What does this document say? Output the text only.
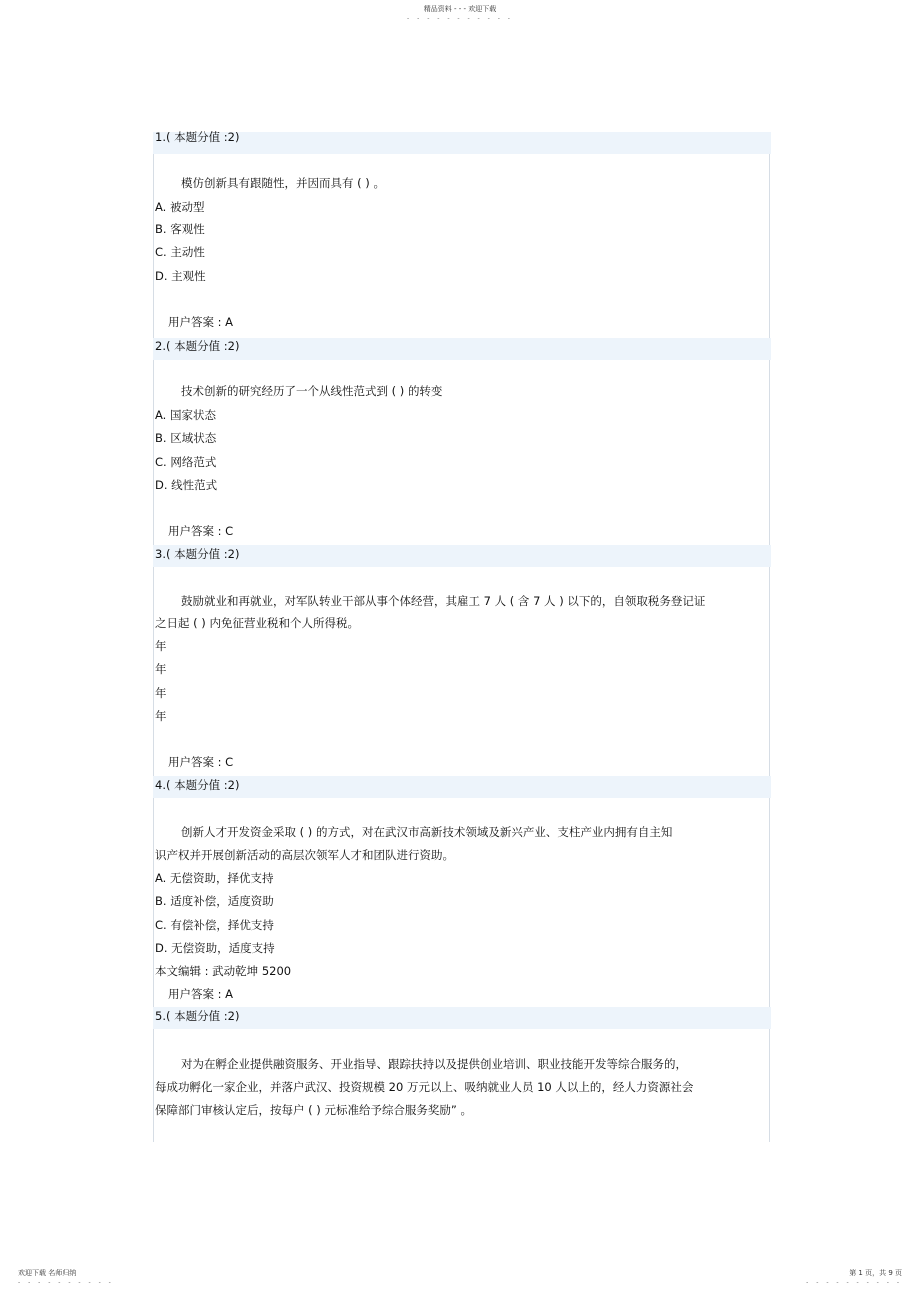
精品资料 - - - 欢迎下载
- - - - - - - - - - -
1.( 本题分值 :2)
模仿创新具有跟随性，并因而具有 ( ) 。
A. 被动型
B. 客观性
C. 主动性
D. 主观性
用户答案 : A
2.( 本题分值 :2)
技术创新的研究经历了一个从线性范式到 ( ) 的转变
A. 国家状态
B. 区域状态
C. 网络范式
D. 线性范式
用户答案 : C
3.( 本题分值 :2)
鼓励就业和再就业，对军队转业干部从事个体经营，其雇工 7 人 ( 含 7 人 ) 以下的，自领取税务登记证
之日起 ( ) 内免征营业税和个人所得税。
年
年
年
年
用户答案 : C
4.( 本题分值 :2)
创新人才开发资金采取 ( ) 的方式，对在武汉市高新技术领域及新兴产业、支柱产业内拥有自主知
识产权并开展创新活动的高层次领军人才和团队进行资助。
A. 无偿资助，择优支持
B. 适度补偿，适度资助
C. 有偿补偿，择优支持
D. 无偿资助，适度支持
本文编辑 : 武动乾坤 5200
用户答案 : A
5.( 本题分值 :2)
对为在孵企业提供融资服务、开业指导、跟踪扶持以及提供创业培训、职业技能开发等综合服务的，
每成功孵化一家企业，并落户武汉、投资规模 20 万元以上、吸纳就业人员 10 人以上的，经人力资源社会
保障部门审核认定后，按每户 ( ) 元标准给予综合服务奖励” 。
欢迎下载 名师归纳
- - - - - - - - - -
第 1 页，共 9 页
- - - - - - - - - -
